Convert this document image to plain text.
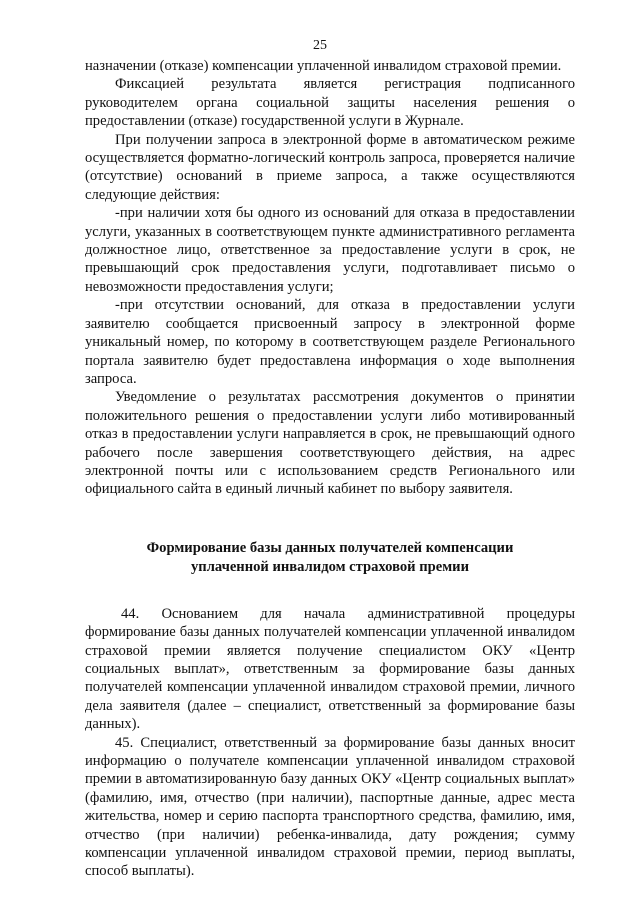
25

назначении (отказе) компенсации уплаченной инвалидом страховой премии.

Фиксацией результата является регистрация подписанного руководителем органа социальной защиты населения решения о предоставлении (отказе) государственной услуги в Журнале.

При получении запроса в электронной форме в автоматическом режиме осуществляется форматно-логический контроль запроса, проверяется наличие (отсутствие) оснований в приеме запроса, а также осуществляются следующие действия:

-при наличии хотя бы одного из оснований для отказа в предоставлении услуги, указанных в соответствующем пункте административного регламента должностное лицо, ответственное за предоставление услуги в срок, не превышающий срок предоставления услуги, подготавливает письмо о невозможности предоставления услуги;

-при отсутствии оснований, для отказа в предоставлении услуги заявителю сообщается присвоенный запросу в электронной форме уникальный номер, по которому в соответствующем разделе Регионального портала заявителю будет предоставлена информация о ходе выполнения запроса.

Уведомление о результатах рассмотрения документов о принятии положительного решения о предоставлении услуги либо мотивированный отказ в предоставлении услуги направляется в срок, не превышающий одного рабочего после завершения соответствующего действия, на адрес электронной почты или с использованием средств Регионального или официального сайта в единый личный кабинет по выбору заявителя.

Формирование базы данных получателей компенсации
уплаченной инвалидом страховой премии

44. Основанием для начала административной процедуры формирование базы данных получателей компенсации уплаченной инвалидом страховой премии является получение специалистом ОКУ «Центр социальных выплат», ответственным за формирование базы данных получателей компенсации уплаченной инвалидом страховой премии, личного дела заявителя (далее – специалист, ответственный за формирование базы данных).

45. Специалист, ответственный за формирование базы данных вносит информацию о получателе компенсации уплаченной инвалидом страховой премии в автоматизированную базу данных ОКУ «Центр социальных выплат» (фамилию, имя, отчество (при наличии), паспортные данные, адрес места жительства, номер и серию паспорта транспортного средства, фамилию, имя, отчество (при наличии) ребенка-инвалида, дату рождения; сумму компенсации уплаченной инвалидом страховой премии, период выплаты, способ выплаты).
